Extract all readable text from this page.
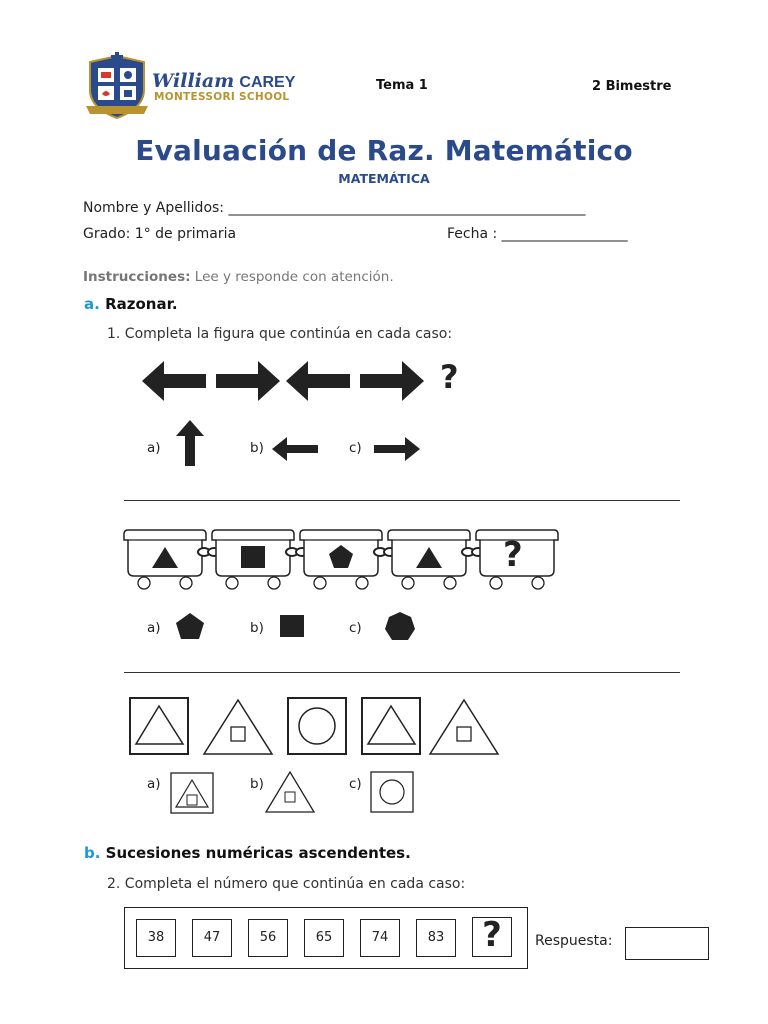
William CAREY
MONTESSORI SCHOOL
Tema 1	2 Bimestre
Evaluación de Raz. Matemático
MATEMÁTICA
Nombre y Apellidos: ___________________________________________________
Grado: 1° de primaria	Fecha : __________________
Instrucciones: Lee y responde con atención.
a. Razonar.
1. Completa la figura que continúa en cada caso:
?
a)	b)	c)
?
a)	b)	c)
a)	b)	c)
b. Sucesiones numéricas ascendentes.
2. Completa el número que continúa en cada caso:
38	47	56	65	74	83	?	Respuesta:
